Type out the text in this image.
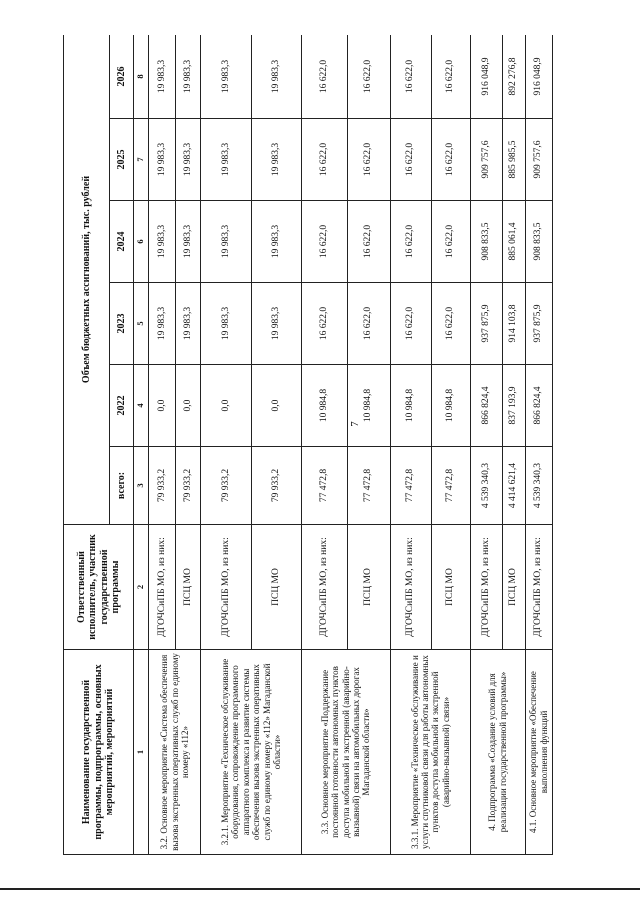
7
Наименование государственной программы, подпрограммы, основных мероприятий, мероприятий	Ответственный исполнитель, участник государственной программы	Объем бюджетных ассигнований, тыс. рублей					
		всего:	2022	2023	2024	2025	2026
1	2	3	4	5	6	7	8
3.2. Основное мероприятие «Система обеспечения вызова экстренных оперативных служб по единому номеру «112»	ДГОЧСиПБ МО, из них:	79 933,2	0,0	19 983,3	19 983,3	19 983,3	19 983,3
	ПСЦ МО	79 933,2	0,0	19 983,3	19 983,3	19 983,3	19 983,3
3.2.1. Мероприятие «Техническое обслуживание оборудования, сопровождение программного аппаратного комплекса и развитие системы обеспечения вызова экстренных оперативных служб по единому номеру «112» Магаданской области»	ДГОЧСиПБ МО, из них:	79 933,2	0,0	19 983,3	19 983,3	19 983,3	19 983,3
	ПСЦ МО	79 933,2	0,0	19 983,3	19 983,3	19 983,3	19 983,3
3.3. Основное мероприятие «Поддержание постоянной готовности автономных пунктов доступа мобильной и экстренной (аварийно-вызывной) связи на автомобильных дорогах Магаданской области»	ДГОЧСиПБ МО, из них:	77 472,8	10 984,8	16 622,0	16 622,0	16 622,0	16 622,0
	ПСЦ МО	77 472,8	10 984,8	16 622,0	16 622,0	16 622,0	16 622,0
3.3.1. Мероприятие «Техническое обслуживание и услуги спутниковой связи для работы автономных пунктов доступа мобильной и экстренной (аварийно-вызывной) связи»	ДГОЧСиПБ МО, из них:	77 472,8	10 984,8	16 622,0	16 622,0	16 622,0	16 622,0
	ПСЦ МО	77 472,8	10 984,8	16 622,0	16 622,0	16 622,0	16 622,0
4. Подпрограмма «Создание условий для реализации государственной программы»	ДГОЧСиПБ МО, из них:	4 539 340,3	866 824,4	937 875,9	908 833,5	909 757,6	916 048,9
	ПСЦ МО	4 414 621,4	837 193,9	914 103,8	885 061,4	885 985,5	892 276,8
4.1. Основное мероприятие «Обеспечение выполнения функций	ДГОЧСиПБ МО, из них:	4 539 340,3	866 824,4	937 875,9	908 833,5	909 757,6	916 048,9
